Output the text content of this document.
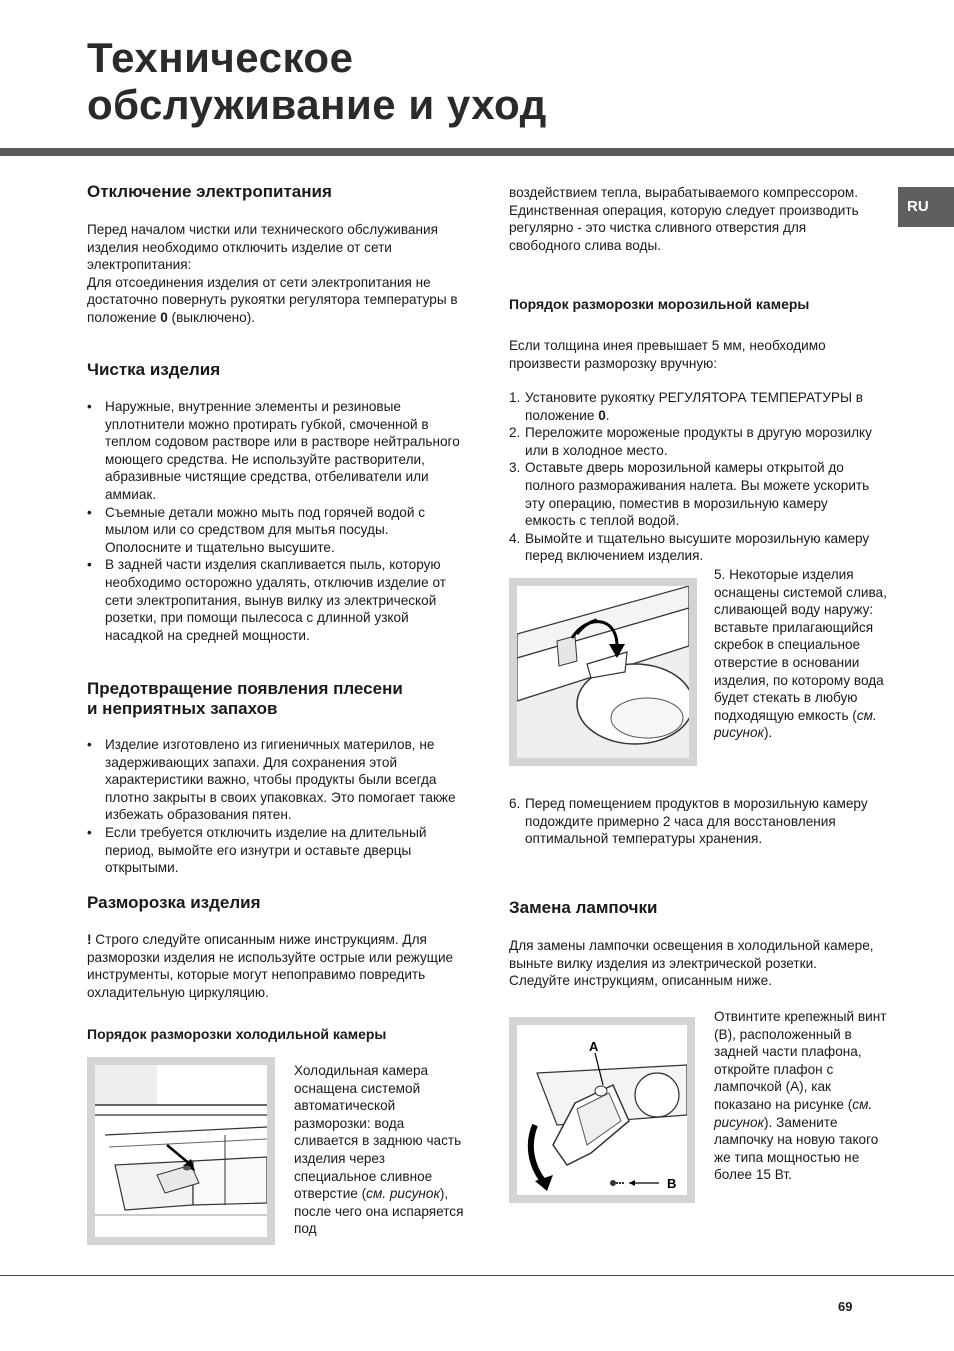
Техническое
обслуживание и уход
RU
Отключение электропитания

Перед началом чистки или технического обслуживания изделия необходимо отключить изделие от сети электропитания:
Для отсоединения изделия от сети электропитания не достаточно повернуть рукоятки регулятора температуры в положение 0 (выключено).

Чистка изделия
• Наружные, внутренние элементы и резиновые уплотнители можно протирать губкой, смоченной в теплом содовом растворе или в растворе нейтрального моющего средства. Не используйте растворители, абразивные чистящие средства, отбеливатели или аммиак.
• Съемные детали можно мыть под горячей водой с мылом или со средством для мытья посуды. Ополосните и тщательно высушите.
• В задней части изделия скапливается пыль, которую необходимо осторожно удалять, отключив изделие от сети электропитания, вынув вилку из электрической розетки, при помощи пылесоса с длинной узкой насадкой на средней мощности.
Предотвращение появления плесени
и неприятных запахов
• Изделие изготовлено из гигиеничных материлов, не задерживающих запахи. Для сохранения этой характеристики важно, чтобы продукты были всегда плотно закрыты в своих упаковках. Это помогает также избежать образования пятен.
• Если требуется отключить изделие на длительный период, вымойте его изнутри и оставьте дверцы открытыми.
Разморозка изделия

! Строго следуйте описанным ниже инструкциям. Для разморозки изделия не используйте острые или режущие инструменты, которые могут непоправимо повредить охладительную циркуляцию.

Порядок разморозки холодильной камеры

Холодильная камера оснащена системой автоматической разморозки: вода сливается в заднюю часть изделия через специальное сливное отверстие (см. рисунок), после чего она испаряется под

воздействием тепла, вырабатываемого компрессором. Единственная операция, которую следует производить регулярно - это чистка сливного отверстия для свободного слива воды.

Порядок разморозки морозильной камеры

Если толщина инея превышает 5 мм, необходимо произвести разморозку вручную:

1. Установите рукоятку РЕГУЛЯТОРА ТЕМПЕРАТУРЫ в положение 0.
2. Переложите мороженые продукты в другую морозилку или в холодное место.
3. Оставьте дверь морозильной камеры открытой до полного размораживания налета. Вы можете ускорить эту операцию, поместив в морозильную камеру емкость с теплой водой.
4. Вымойте и тщательно высушите морозильную камеру перед включением изделия.

5. Некоторые изделия оснащены системой слива, сливающей воду наружу: вставьте прилагающийся скребок в специальное отверстие в основании изделия, по которому вода будет стекать в любую подходящую емкость (см. рисунок).

6. Перед помещением продуктов в морозильную камеру подождите примерно 2 часа для восстановления оптимальной температуры хранения.
Замена лампочки

Для замены лампочки освещения в холодильной камере, выньте вилку изделия из электрической розетки. Следуйте инструкциям, описанным ниже.

A
B

Отвинтите крепежный винт (В), расположенный в задней части плафона, откройте плафон с лампочкой (А), как показано на рисунке (см. рисунок). Замените лампочку на новую такого же типа мощностью не более 15 Вт.

69
